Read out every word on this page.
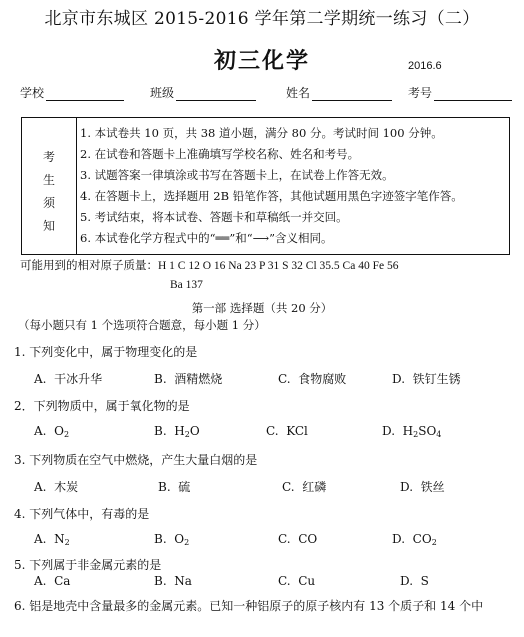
北京市东城区 2015-2016 学年第二学期统一练习（二）
初三化学	2016.6
学校	班级	姓名	考号
考
生
须
知
1. 本试卷共 10 页，共 38 道小题，满分 80 分。考试时间 100 分钟。
2. 在试卷和答题卡上准确填写学校名称、姓名和考号。
3. 试题答案一律填涂或书写在答题卡上，在试卷上作答无效。
4. 在答题卡上，选择题用 2B 铅笔作答，其他试题用黑色字迹签字笔作答。
5. 考试结束，将本试卷、答题卡和草稿纸一并交回。
6. 本试卷化学方程式中的“══”和“⟶”含义相同。
可能用到的相对原子质量：H 1 C 12 O 16 Na 23 P 31 S 32 Cl 35.5 Ca 40 Fe 56
Ba 137
第一部 选择题（共 20 分）
（每小题只有 1 个选项符合题意，每小题 1 分）
1. 下列变化中，属于物理变化的是
A. 干冰升华	B. 酒精燃烧	C. 食物腐败	D. 铁钉生锈
2．下列物质中，属于氧化物的是
A. $O_2$	B. $H_2O$	C. KCl	D. $H_2SO_4$
3. 下列物质在空气中燃烧，产生大量白烟的是
A. 木炭	B. 硫	C. 红磷	D. 铁丝
4. 下列气体中，有毒的是
A. $N_2$	B. $O_2$	C. CO	D. $CO_2$
5. 下列属于非金属元素的是
A. Ca	B. Na	C. Cu	D. S
6. 铝是地壳中含量最多的金属元素。已知一种铝原子的原子核内有 13 个质子和 14 个中
